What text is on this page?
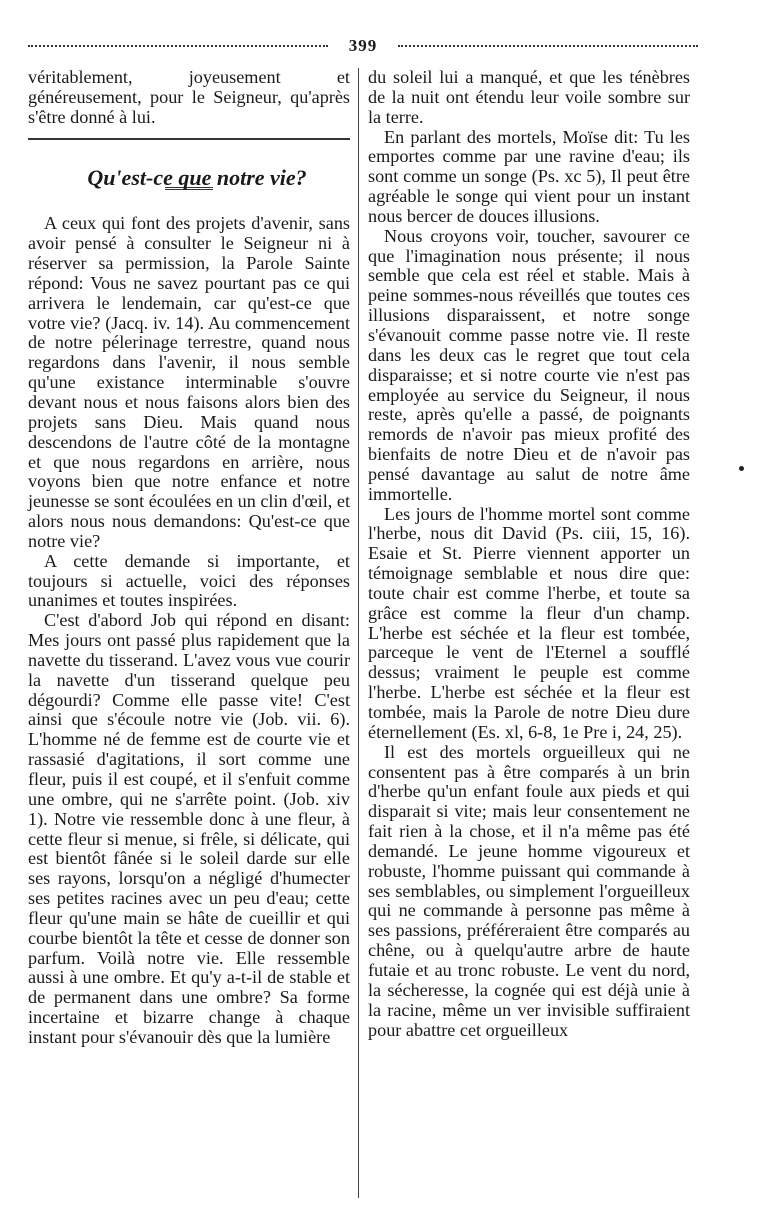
399

véritablement, joyeusement et généreusement, pour le Seigneur, qu'après s'être donné à lui.

Qu'est-ce que notre vie?

A ceux qui font des projets d'avenir, sans avoir pensé à consulter le Seigneur ni à réserver sa permission, la Parole Sainte répond: Vous ne savez pourtant pas ce qui arrivera le lendemain, car qu'est-ce que votre vie? (Jacq. iv. 14). Au commencement de notre pélerinage terrestre, quand nous regardons dans l'avenir, il nous semble qu'une existance interminable s'ouvre devant nous et nous faisons alors bien des projets sans Dieu. Mais quand nous descendons de l'autre côté de la montagne et que nous regardons en arrière, nous voyons bien que notre enfance et notre jeunesse se sont écoulées en un clin d'œil, et alors nous nous demandons: Qu'est-ce que notre vie?

A cette demande si importante, et toujours si actuelle, voici des réponses unanimes et toutes inspirées.

C'est d'abord Job qui répond en disant: Mes jours ont passé plus rapidement que la navette du tisserand. L'avez vous vue courir la navette d'un tisserand quelque peu dégourdi? Comme elle passe vite! C'est ainsi que s'écoule notre vie (Job. vii. 6). L'homme né de femme est de courte vie et rassasié d'agitations, il sort comme une fleur, puis il est coupé, et il s'enfuit comme une ombre, qui ne s'arrête point. (Job. xiv 1). Notre vie ressemble donc à une fleur, à cette fleur si menue, si frêle, si délicate, qui est bientôt fânée si le soleil darde sur elle ses rayons, lorsqu'on a négligé d'humecter ses petites racines avec un peu d'eau; cette fleur qu'une main se hâte de cueillir et qui courbe bientôt la tête et cesse de donner son parfum. Voilà notre vie. Elle ressemble aussi à une ombre. Et qu'y a-t-il de stable et de permanent dans une ombre? Sa forme incertaine et bizarre change à chaque instant pour s'évanouir dès que la lumière

du soleil lui a manqué, et que les ténèbres de la nuit ont étendu leur voile sombre sur la terre.

En parlant des mortels, Moïse dit: Tu les emportes comme par une ravine d'eau; ils sont comme un songe (Ps. xc 5), Il peut être agréable le songe qui vient pour un instant nous bercer de douces illusions.

Nous croyons voir, toucher, savourer ce que l'imagination nous présente; il nous semble que cela est réel et stable. Mais à peine sommes-nous réveillés que toutes ces illusions disparaissent, et notre songe s'évanouit comme passe notre vie. Il reste dans les deux cas le regret que tout cela disparaisse; et si notre courte vie n'est pas employée au service du Seigneur, il nous reste, après qu'elle a passé, de poignants remords de n'avoir pas mieux profité des bienfaits de notre Dieu et de n'avoir pas pensé davantage au salut de notre âme immortelle.

Les jours de l'homme mortel sont comme l'herbe, nous dit David (Ps. ciii, 15, 16). Esaie et St. Pierre viennent apporter un témoignage semblable et nous dire que: toute chair est comme l'herbe, et toute sa grâce est comme la fleur d'un champ. L'herbe est séchée et la fleur est tombée, parceque le vent de l'Eternel a soufflé dessus; vraiment le peuple est comme l'herbe. L'herbe est séchée et la fleur est tombée, mais la Parole de notre Dieu dure éternellement (Es. xl, 6-8, 1e Pre i, 24, 25).

Il est des mortels orgueilleux qui ne consentent pas à être comparés à un brin d'herbe qu'un enfant foule aux pieds et qui disparait si vite; mais leur consentement ne fait rien à la chose, et il n'a même pas été demandé. Le jeune homme vigoureux et robuste, l'homme puissant qui commande à ses semblables, ou simplement l'orgueilleux qui ne commande à personne pas même à ses passions, préféreraient être comparés au chêne, ou à quelqu'autre arbre de haute futaie et au tronc robuste. Le vent du nord, la sécheresse, la cognée qui est déjà unie à la racine, même un ver invisible suffiraient pour abattre cet orgueilleux
